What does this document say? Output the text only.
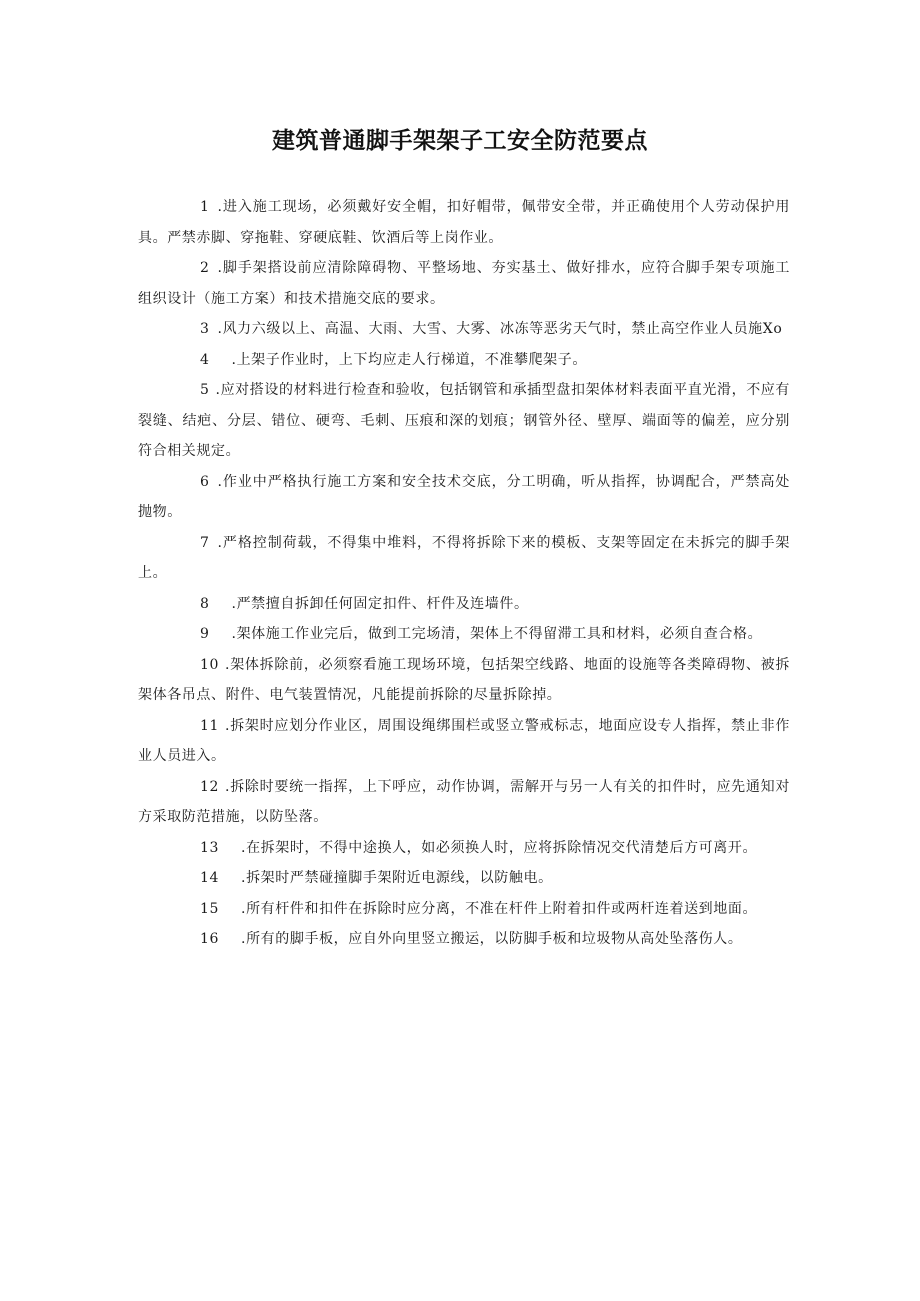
建筑普通脚手架架子工安全防范要点

1 .进入施工现场，必须戴好安全帽，扣好帽带，佩带安全带，并正确使用个人劳动保护用具。严禁赤脚、穿拖鞋、穿硬底鞋、饮酒后等上岗作业。

2 .脚手架搭设前应清除障碍物、平整场地、夯实基土、做好排水，应符合脚手架专项施工组织设计（施工方案）和技术措施交底的要求。

3 .风力六级以上、高温、大雨、大雪、大雾、冰冻等恶劣天气时，禁止高空作业人员施Xo

4 .上架子作业时，上下均应走人行梯道，不准攀爬架子。

5 .应对搭设的材料进行检查和验收，包括钢管和承插型盘扣架体材料表面平直光滑，不应有裂缝、结疤、分层、错位、硬弯、毛刺、压痕和深的划痕；钢管外径、壁厚、端面等的偏差，应分别符合相关规定。

6 .作业中严格执行施工方案和安全技术交底，分工明确，听从指挥，协调配合，严禁高处抛物。

7 .严格控制荷载，不得集中堆料，不得将拆除下来的模板、支架等固定在未拆完的脚手架上。

8 .严禁擅自拆卸任何固定扣件、杆件及连墙件。

9 .架体施工作业完后，做到工完场清，架体上不得留滞工具和材料，必须自查合格。

10 .架体拆除前，必须察看施工现场环境，包括架空线路、地面的设施等各类障碍物、被拆架体各吊点、附件、电气装置情况，凡能提前拆除的尽量拆除掉。

11 .拆架时应划分作业区，周围设绳绑围栏或竖立警戒标志，地面应设专人指挥，禁止非作业人员进入。

12 .拆除时要统一指挥，上下呼应，动作协调，需解开与另一人有关的扣件时，应先通知对方采取防范措施，以防坠落。

13 .在拆架时，不得中途换人，如必须换人时，应将拆除情况交代清楚后方可离开。

14 .拆架时严禁碰撞脚手架附近电源线，以防触电。

15 .所有杆件和扣件在拆除时应分离，不准在杆件上附着扣件或两杆连着送到地面。

16 .所有的脚手板，应自外向里竖立搬运，以防脚手板和垃圾物从高处坠落伤人。
